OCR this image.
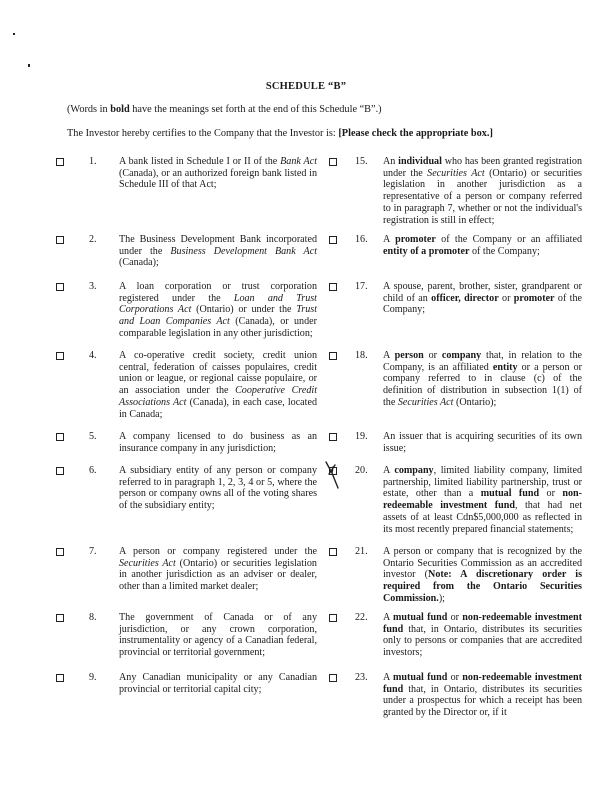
SCHEDULE “B”
(Words in bold have the meanings set forth at the end of this Schedule “B”.)
The Investor hereby certifies to the Company that the Investor is: [Please check the appropriate box.]
1. A bank listed in Schedule I or II of the Bank Act (Canada), or an authorized foreign bank listed in Schedule III of that Act;
2. The Business Development Bank incorporated under the Business Development Bank Act (Canada);
3. A loan corporation or trust corporation registered under the Loan and Trust Corporations Act (Ontario) or under the Trust and Loan Companies Act (Canada), or under comparable legislation in any other jurisdiction;
4. A co-operative credit society, credit union central, federation of caisses populaires, credit union or league, or regional caisse populaire, or an association under the Cooperative Credit Associations Act (Canada), in each case, located in Canada;
5. A company licensed to do business as an insurance company in any jurisdiction;
6. A subsidiary entity of any person or company referred to in paragraph 1, 2, 3, 4 or 5, where the person or company owns all of the voting shares of the subsidiary entity;
7. A person or company registered under the Securities Act (Ontario) or securities legislation in another jurisdiction as an adviser or dealer, other than a limited market dealer;
8. The government of Canada or of any jurisdiction, or any crown corporation, instrumentality or agency of a Canadian federal, provincial or territorial government;
9. Any Canadian municipality or any Canadian provincial or territorial capital city;
15. An individual who has been granted registration under the Securities Act (Ontario) or securities legislation in another jurisdiction as a representative of a person or company referred to in paragraph 7, whether or not the individual's registration is still in effect;
16. A promoter of the Company or an affiliated entity of a promoter of the Company;
17. A spouse, parent, brother, sister, grandparent or child of an officer, director or promoter of the Company;
18. A person or company that, in relation to the Company, is an affiliated entity or a person or company referred to in clause (c) of the definition of distribution in subsection 1(1) of the Securities Act (Ontario);
19. An issuer that is acquiring securities of its own issue;
20. A company, limited liability company, limited partnership, limited liability partnership, trust or estate, other than a mutual fund or non-redeemable investment fund, that had net assets of at least Cdn$5,000,000 as reflected in its most recently prepared financial statements;
21. A person or company that is recognized by the Ontario Securities Commission as an accredited investor (Note: A discretionary order is required from the Ontario Securities Commission.);
22. A mutual fund or non-redeemable investment fund that, in Ontario, distributes its securities only to persons or companies that are accredited investors;
23. A mutual fund or non-redeemable investment fund that, in Ontario, distributes its securities under a prospectus for which a receipt has been granted by the Director or, if it
